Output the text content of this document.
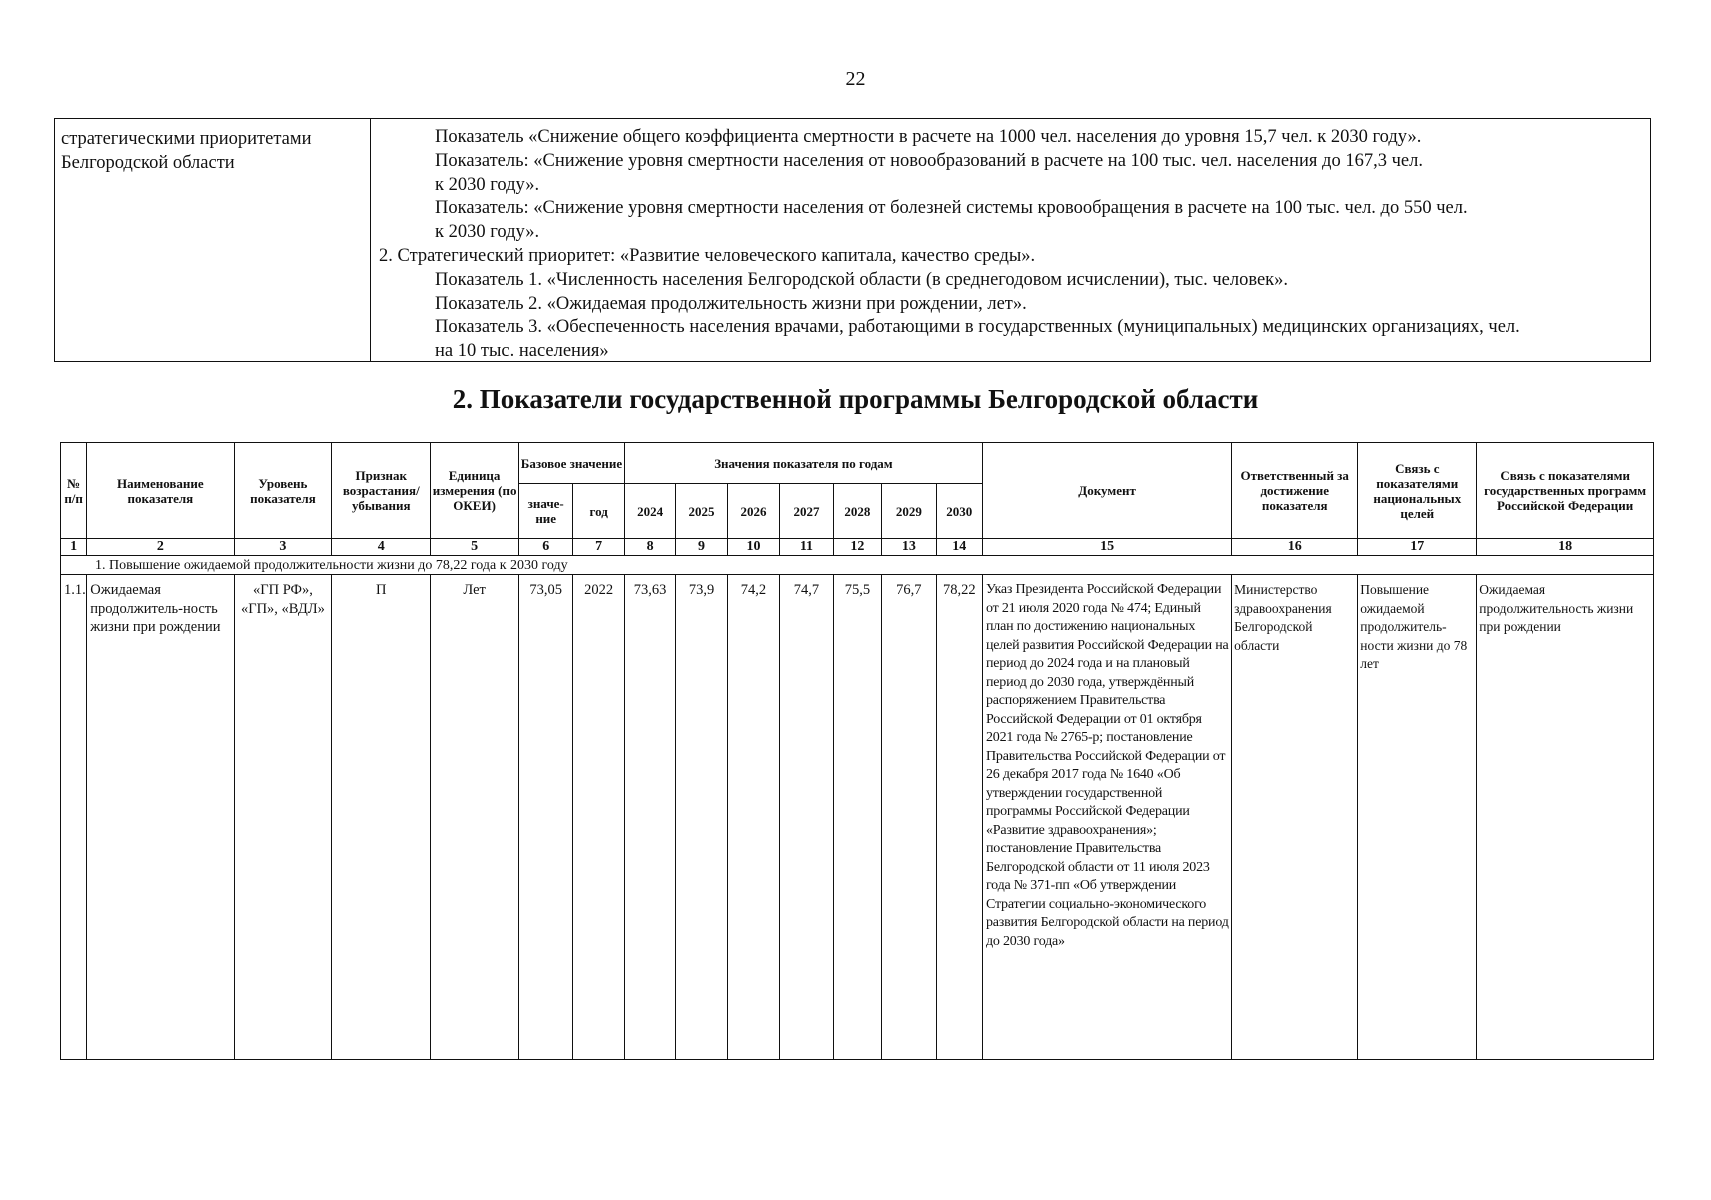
22
стратегическими приоритетами Белгородской области
Показатель «Снижение общего коэффициента смертности в расчете на 1000 чел. населения до уровня 15,7 чел. к 2030 году».
Показатель: «Снижение уровня смертности населения от новообразований в расчете на 100 тыс. чел. населения до 167,3 чел.
к 2030 году».
Показатель: «Снижение уровня смертности населения от болезней системы кровообращения в расчете на 100 тыс. чел. до 550 чел.
к 2030 году».
2. Стратегический приоритет: «Развитие человеческого капитала, качество среды».
Показатель 1. «Численность населения Белгородской области (в среднегодовом исчислении), тыс. человек».
Показатель 2. «Ожидаемая продолжительность жизни при рождении, лет».
Показатель 3. «Обеспеченность населения врачами, работающими в государственных (муниципальных) медицинских организациях, чел.
на 10 тыс. населения»
2. Показатели государственной программы Белгородской области
№ п/п	Наименование показателя	Уровень показателя	Признак возрастания/ убывания	Единица измерения (по ОКЕИ)	Базовое значение		Значения показателя по годам							Документ	Ответственный за достижение показателя	Связь с показателями национальных целей	Связь с показателями государственных программ Российской Федерации
					значе-ние	год	2024	2025	2026	2027	2028	2029	2030				
1	2	3	4	5	6	7	8	9	10	11	12	13	14	15	16	17	18
1. Повышение ожидаемой продолжительности жизни до 78,22 года к 2030 году																	
1.1.	Ожидаемая продолжитель-ность жизни при рождении	«ГП РФ», «ГП», «ВДЛ»	П	Лет	73,05	2022	73,63	73,9	74,2	74,7	75,5	76,7	78,22	Указ Президента Российской Федерации от 21 июля 2020 года № 474; Единый план по достижению национальных целей развития Российской Федерации на период до 2024 года и на плановый период до 2030 года, утверждённый распоряжением Правительства Российской Федерации от 01 октября 2021 года № 2765-р; постановление Правительства Российской Федерации от 26 декабря 2017 года № 1640 «Об утверждении государственной программы Российской Федерации «Развитие здравоохранения»; постановление Правительства Белгородской области от 11 июля 2023 года № 371-пп «Об утверждении Стратегии социально-экономического развития Белгородской области на период до 2030 года»	Министерство здравоохранения Белгородской области	Повышение ожидаемой продолжитель-ности жизни до 78 лет	Ожидаемая продолжительность жизни при рождении
